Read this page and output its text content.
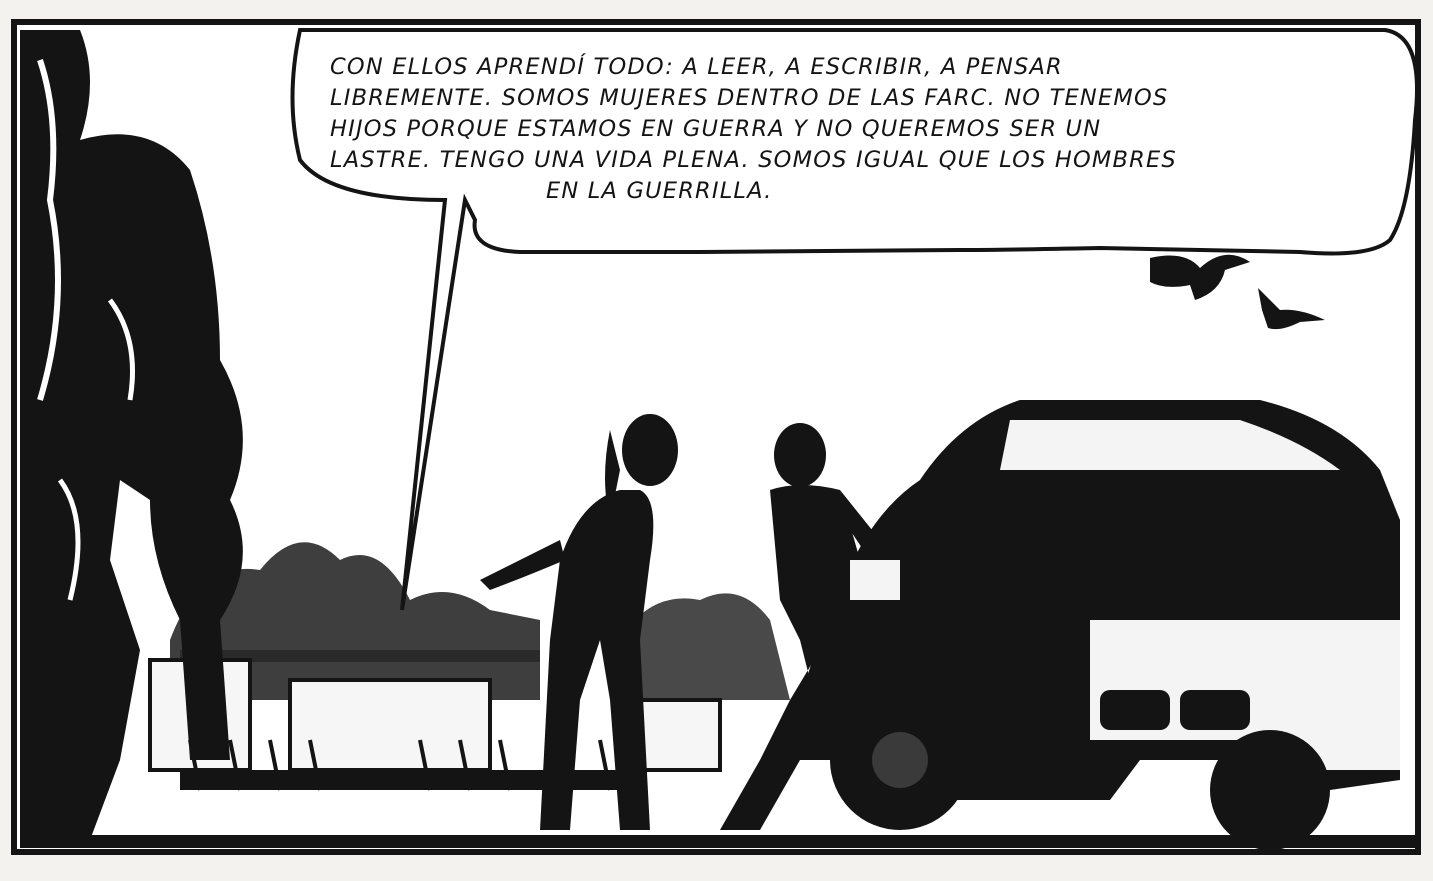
CON ELLOS APRENDÍ TODO: A LEER, A ESCRIBIR, A PENSAR
LIBREMENTE. SOMOS MUJERES DENTRO DE LAS FARC. NO TENEMOS
HIJOS PORQUE ESTAMOS EN GUERRA Y NO QUEREMOS SER UN
LASTRE. TENGO UNA VIDA PLENA. SOMOS IGUAL QUE LOS HOMBRES
EN LA GUERRILLA.
